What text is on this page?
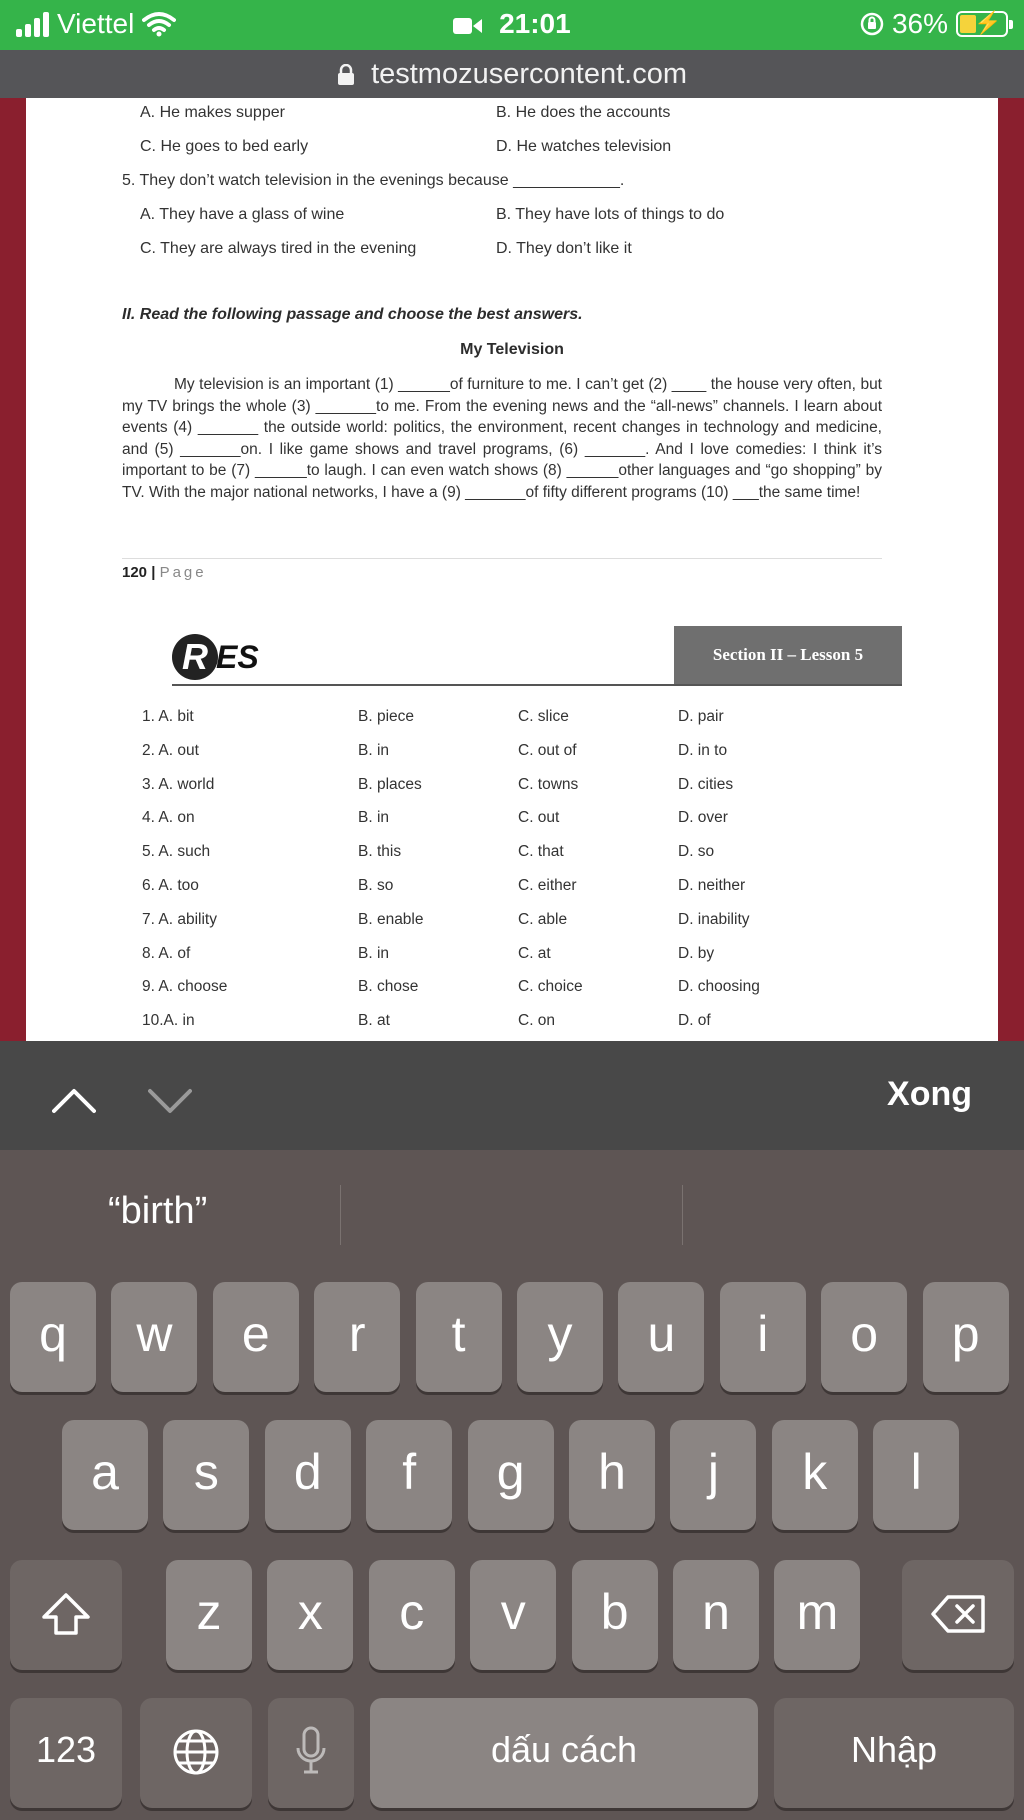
Viettel	21:01	36% ⚡
testmozusercontent.com
A. He makes supper	B. He does the accounts
C. He goes to bed early	D. He watches television
5. They don’t watch television in the evenings because ____________.
A. They have a glass of wine	B. They have lots of things to do
C. They are always tired in the evening	D. They don’t like it
II. Read the following passage and choose the best answers.
My Television
My television is an important (1) ______of furniture to me. I can’t get (2) ____ the house very often, but my TV brings the whole (3) _______to me. From the evening news and the “all-news” channels. I learn about events (4) _______ the outside world: politics, the environment, recent changes in technology and medicine, and (5) _______on. I like game shows and travel programs, (6) _______. And I love comedies: I think it’s important to be (7) ______to laugh. I can even watch shows (8) ______other languages and “go shopping” by TV. With the major national networks, I have a (9) _______of fifty different programs (10) ___the same time!
120 | Page
R ES	Section II – Lesson 5
1. A. bit	B. piece	C. slice	D. pair
2. A. out	B. in	C. out of	D. in to
3. A. world	B. places	C. towns	D. cities
4. A. on	B. in	C. out	D. over
5. A. such	B. this	C. that	D. so
6. A. too	B. so	C. either	D. neither
7. A. ability	B. enable	C. able	D. inability
8. A. of	B. in	C. at	D. by
9. A. choose	B. chose	C. choice	D. choosing
10.A. in	B. at	C. on	D. of
Xong
“birth”
q	w	e	r	t	y	u	i	o	p
a	s	d	f	g	h	j	k	l
z	x	c	v	b	n	m
123	dấu cách	Nhập
